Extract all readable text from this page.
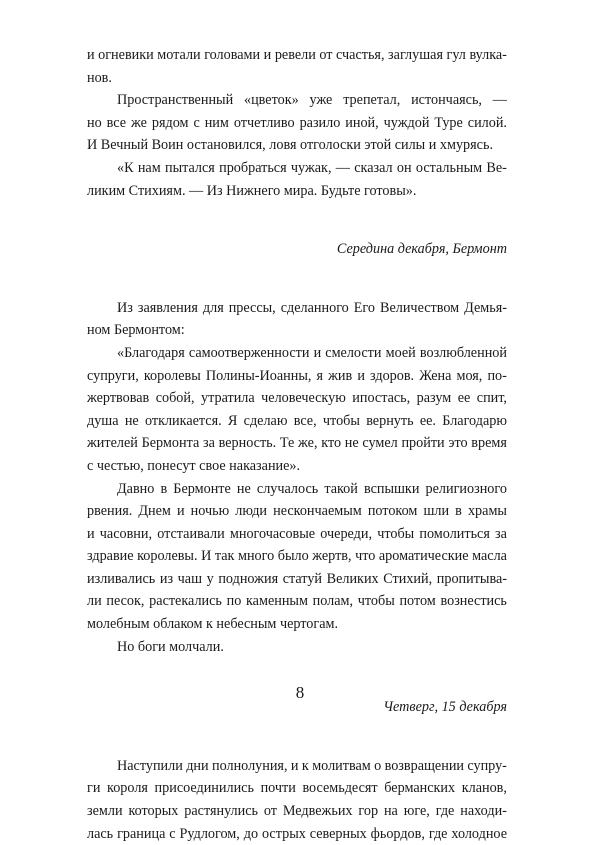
и огневики мотали головами и ревели от счастья, заглушая гул вулка-
нов.
Пространственный «цветок» уже трепетал, истончаясь, —
но все же рядом с ним отчетливо разило иной, чуждой Туре силой.
И Вечный Воин остановился, ловя отголоски этой силы и хмурясь.
«К нам пытался пробраться чужак, — сказал он остальным Ве-
ликим Стихиям. — Из Нижнего мира. Будьте готовы».
Середина декабря, Бермонт
Из заявления для прессы, сделанного Его Величеством Демья-
ном Бермонтом:
«Благодаря самоотверженности и смелости моей возлюбленной
супруги, королевы Полины-Иоанны, я жив и здоров. Жена моя, по-
жертвовав собой, утратила человеческую ипостась, разум ее спит,
душа не откликается. Я сделаю все, чтобы вернуть ее. Благодарю
жителей Бермонта за верность. Те же, кто не сумел пройти это время
с честью, понесут свое наказание».
Давно в Бермонте не случалось такой вспышки религиозного
рвения. Днем и ночью люди нескончаемым потоком шли в храмы
и часовни, отстаивали многочасовые очереди, чтобы помолиться за
здравие королевы. И так много было жертв, что ароматические масла
изливались из чаш у подножия статуй Великих Стихий, пропитыва-
ли песок, растекались по каменным полам, чтобы потом вознестись
молебным облаком к небесным чертогам.
Но боги молчали.
Четверг, 15 декабря
Наступили дни полнолуния, и к молитвам о возвращении супру-
ги короля присоединились почти восемьдесят берманских кланов,
земли которых растянулись от Медвежьих гор на юге, где находи-
лась граница с Рудлогом, до острых северных фьордов, где холодное
8
